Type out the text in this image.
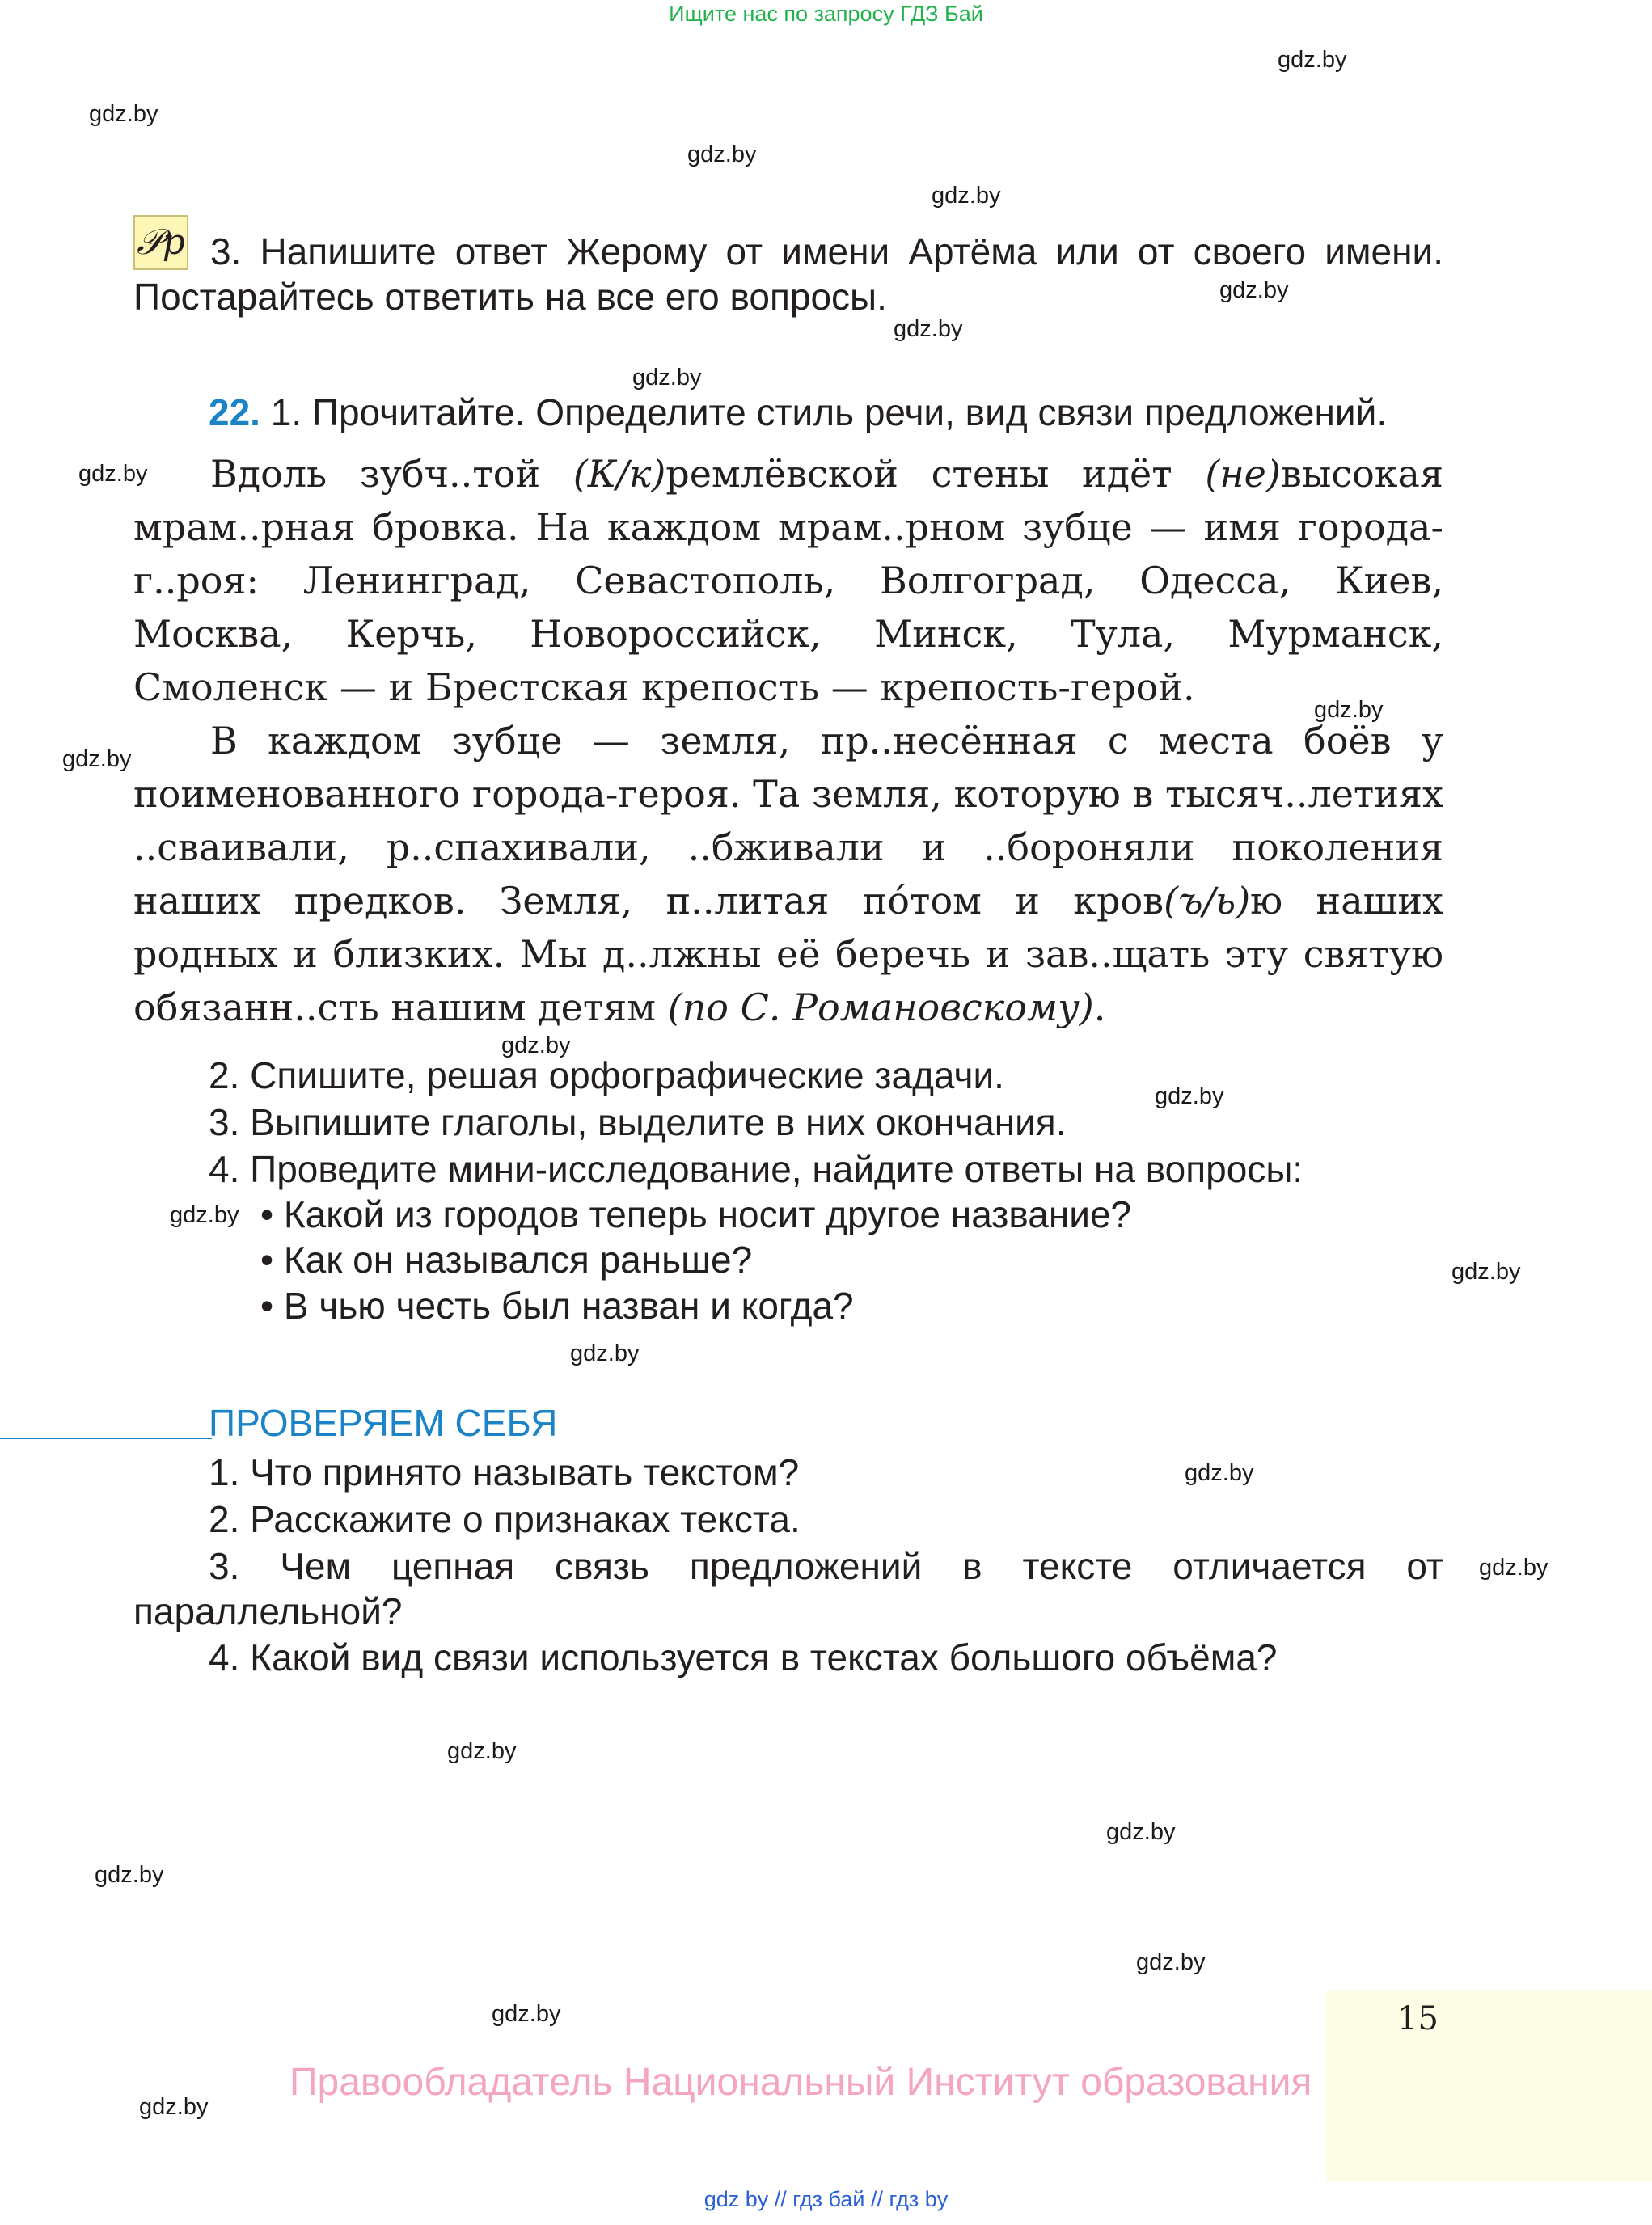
Ищите нас по запросу ГДЗ Бай
gdz.by
gdz.by
gdz.by
gdz.by
gdz.by
gdz.by
gdz.by
gdz.by
gdz.by
gdz.by
gdz.by
gdz.by
gdz.by
gdz.by
gdz.by
gdz.by
gdz.by
gdz.by
gdz.by
gdz.by
gdz.by
gdz.by
gdz.by
𝒫p 3. Напишите ответ Жерому от имени Артёма или от своего имени. Постарайтесь ответить на все его вопросы.
22. 1. Прочитайте. Определите стиль речи, вид связи предложений.
Вдоль зубч..той (К/к)ремлёвской стены идёт (не)высокая мрам..рная бровка. На каждом мрам..рном зубце — имя города-г..роя: Ленинград, Севастополь, Волгоград, Одесса, Киев, Москва, Керчь, Новороссийск, Минск, Тула, Мурманск, Смоленск — и Брестская крепость — крепость-герой.
В каждом зубце — земля, пр..несённая с места боёв у поименованного города-героя. Та земля, которую в тысяч..летиях ..сваивали, р..спахивали, ..бживали и ..бороняли поколения наших предков. Земля, п..литая по́том и кров(ъ/ь)ю наших родных и близких. Мы д..лжны её беречь и зав..щать эту святую обязанн..сть нашим детям (по С. Романовскому).
2. Спишите, решая орфографические задачи.
3. Выпишите глаголы, выделите в них окончания.
4. Проведите мини-исследование, найдите ответы на вопросы:
• Какой из городов теперь носит другое название?
• Как он назывался раньше?
• В чью честь был назван и когда?
ПРОВЕРЯЕМ СЕБЯ
1. Что принято называть текстом?
2. Расскажите о признаках текста.
3. Чем цепная связь предложений в тексте отличается от параллельной?
4. Какой вид связи используется в текстах большого объёма?
15
Правообладатель Национальный Институт образования
gdz by // гдз бай // гдз by
